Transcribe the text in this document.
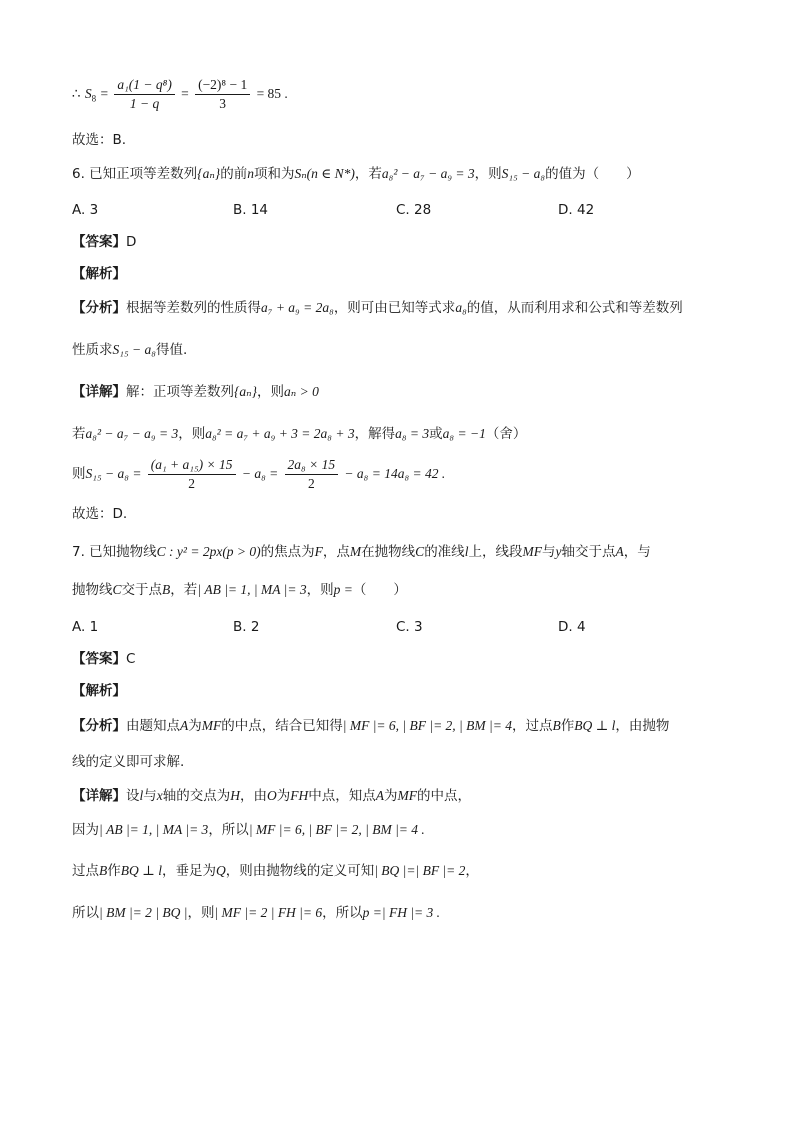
∴ $S_8 = \frac{\text{a₁(1 − q⁸)}}{1 - q} = \frac{\text{(−2)⁸ − 1}}{3} = 85$ .
故选：B.
6. 已知正项等差数列{aₙ}的前n项和为Sₙ(n ∈ N*)，若a₈² − a₇ − a₉ = 3，则S₁₅ − a₈的值为（　　）
A. 3	B. 14	C. 28	D. 42
【答案】D
【解析】
【分析】根据等差数列的性质得a₇ + a₉ = 2a₈，则可由已知等式求a₈的值，从而利用求和公式和等差数列
性质求S₁₅ − a₈得值.
【详解】解：正项等差数列{aₙ}，则aₙ > 0
若a₈² − a₇ − a₉ = 3，则a₈² = a₇ + a₉ + 3 = 2a₈ + 3，解得a₈ = 3或a₈ = −1（舍）
则$S_{15} - a_8 = \frac{\text{(a₁ + a₁₅) × 15}}{2} - a_8 = \frac{\text{2a₈ × 15}}{2} - a_8 = 14a_8 = 42$ .
故选：D.
7. 已知抛物线C : y² = 2px(p > 0)的焦点为F，点M在抛物线C的准线l上，线段MF与y轴交于点A，与
抛物线C交于点B，若| AB |= 1, | MA |= 3，则p =（　　）
A. 1	B. 2	C. 3	D. 4
【答案】C
【解析】
【分析】由题知点A为MF的中点，结合已知得| MF |= 6, | BF |= 2, | BM |= 4，过点B作BQ ⊥ l，由抛物
线的定义即可求解.
【详解】设l与x轴的交点为H，由O为FH中点，知点A为MF的中点，
因为| AB |= 1, | MA |= 3，所以| MF |= 6, | BF |= 2, | BM |= 4 .
过点B作BQ ⊥ l，垂足为Q，则由抛物线的定义可知| BQ |=| BF |= 2，
所以| BM |= 2 | BQ |，则| MF |= 2 | FH |= 6，所以p =| FH |= 3 .
